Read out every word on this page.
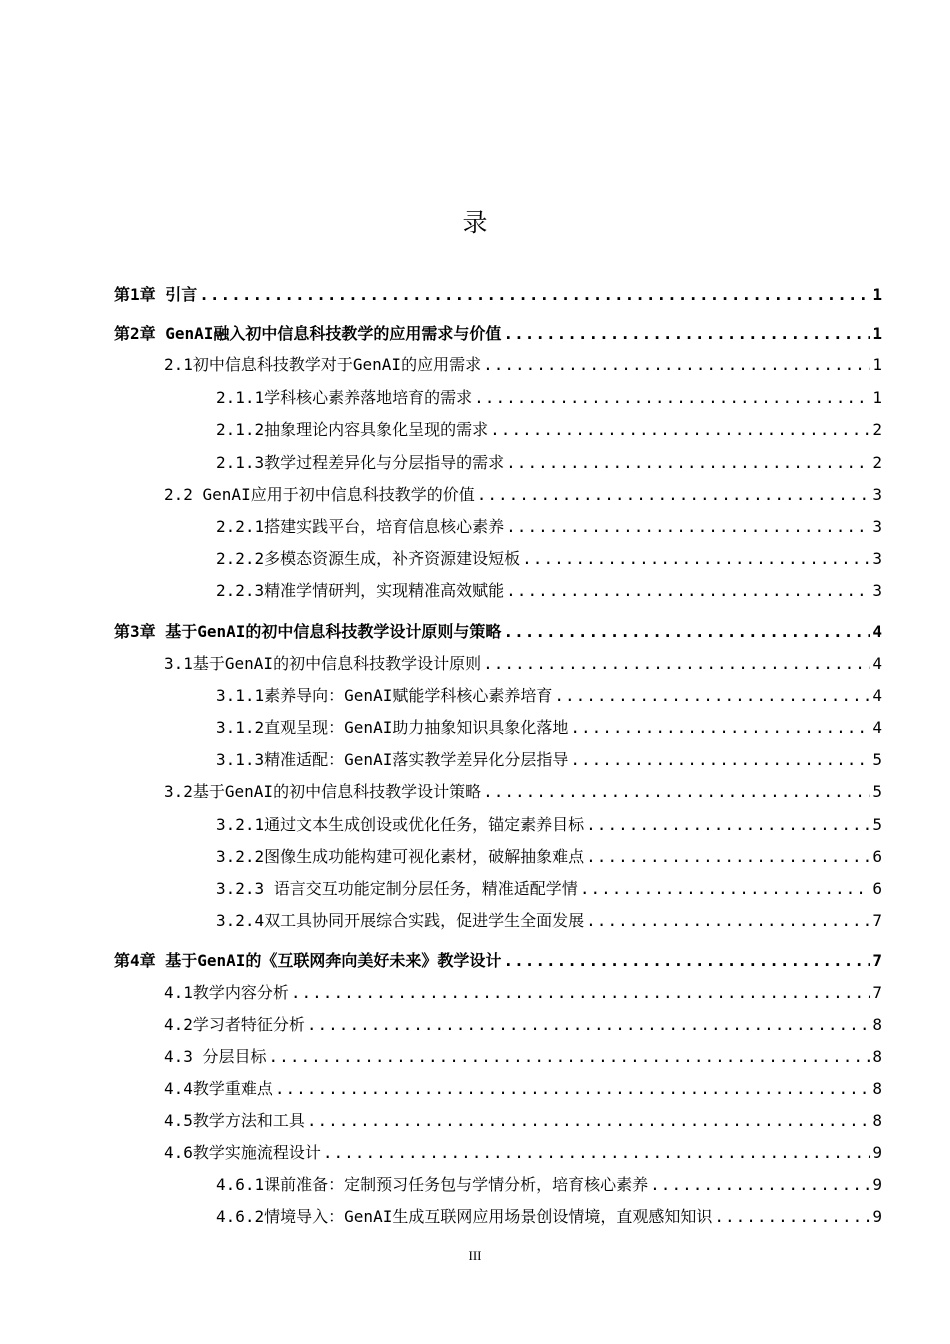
录
第1章 引言 .....	1
第2章 GenAI融入初中信息科技教学的应用需求与价值 .....	1
2.1初中信息科技教学对于GenAI的应用需求 .....	1
2.1.1学科核心素养落地培育的需求 .....	1
2.1.2抽象理论内容具象化呈现的需求 .....	2
2.1.3教学过程差异化与分层指导的需求 .....	2
2.2 GenAI应用于初中信息科技教学的价值 .....	3
2.2.1搭建实践平台，培育信息核心素养 .....	3
2.2.2多模态资源生成，补齐资源建设短板 .....	3
2.2.3精准学情研判，实现精准高效赋能 .....	3
第3章 基于GenAI的初中信息科技教学设计原则与策略 .....	4
3.1基于GenAI的初中信息科技教学设计原则 .....	4
3.1.1素养导向：GenAI赋能学科核心素养培育 .....	4
3.1.2直观呈现：GenAI助力抽象知识具象化落地 .....	4
3.1.3精准适配：GenAI落实教学差异化分层指导 .....	5
3.2基于GenAI的初中信息科技教学设计策略 .....	5
3.2.1通过文本生成创设或优化任务，锚定素养目标 .....	5
3.2.2图像生成功能构建可视化素材，破解抽象难点 .....	6
3.2.3 语言交互功能定制分层任务，精准适配学情 .....	6
3.2.4双工具协同开展综合实践，促进学生全面发展 .....	7
第4章 基于GenAI的《互联网奔向美好未来》教学设计 .....	7
4.1教学内容分析 .....	7
4.2学习者特征分析 .....	8
4.3 分层目标 .....	8
4.4教学重难点 .....	8
4.5教学方法和工具 .....	8
4.6教学实施流程设计 .....	9
4.6.1课前准备：定制预习任务包与学情分析，培育核心素养 .....	9
4.6.2情境导入：GenAI生成互联网应用场景创设情境，直观感知知识 .....	9
III
